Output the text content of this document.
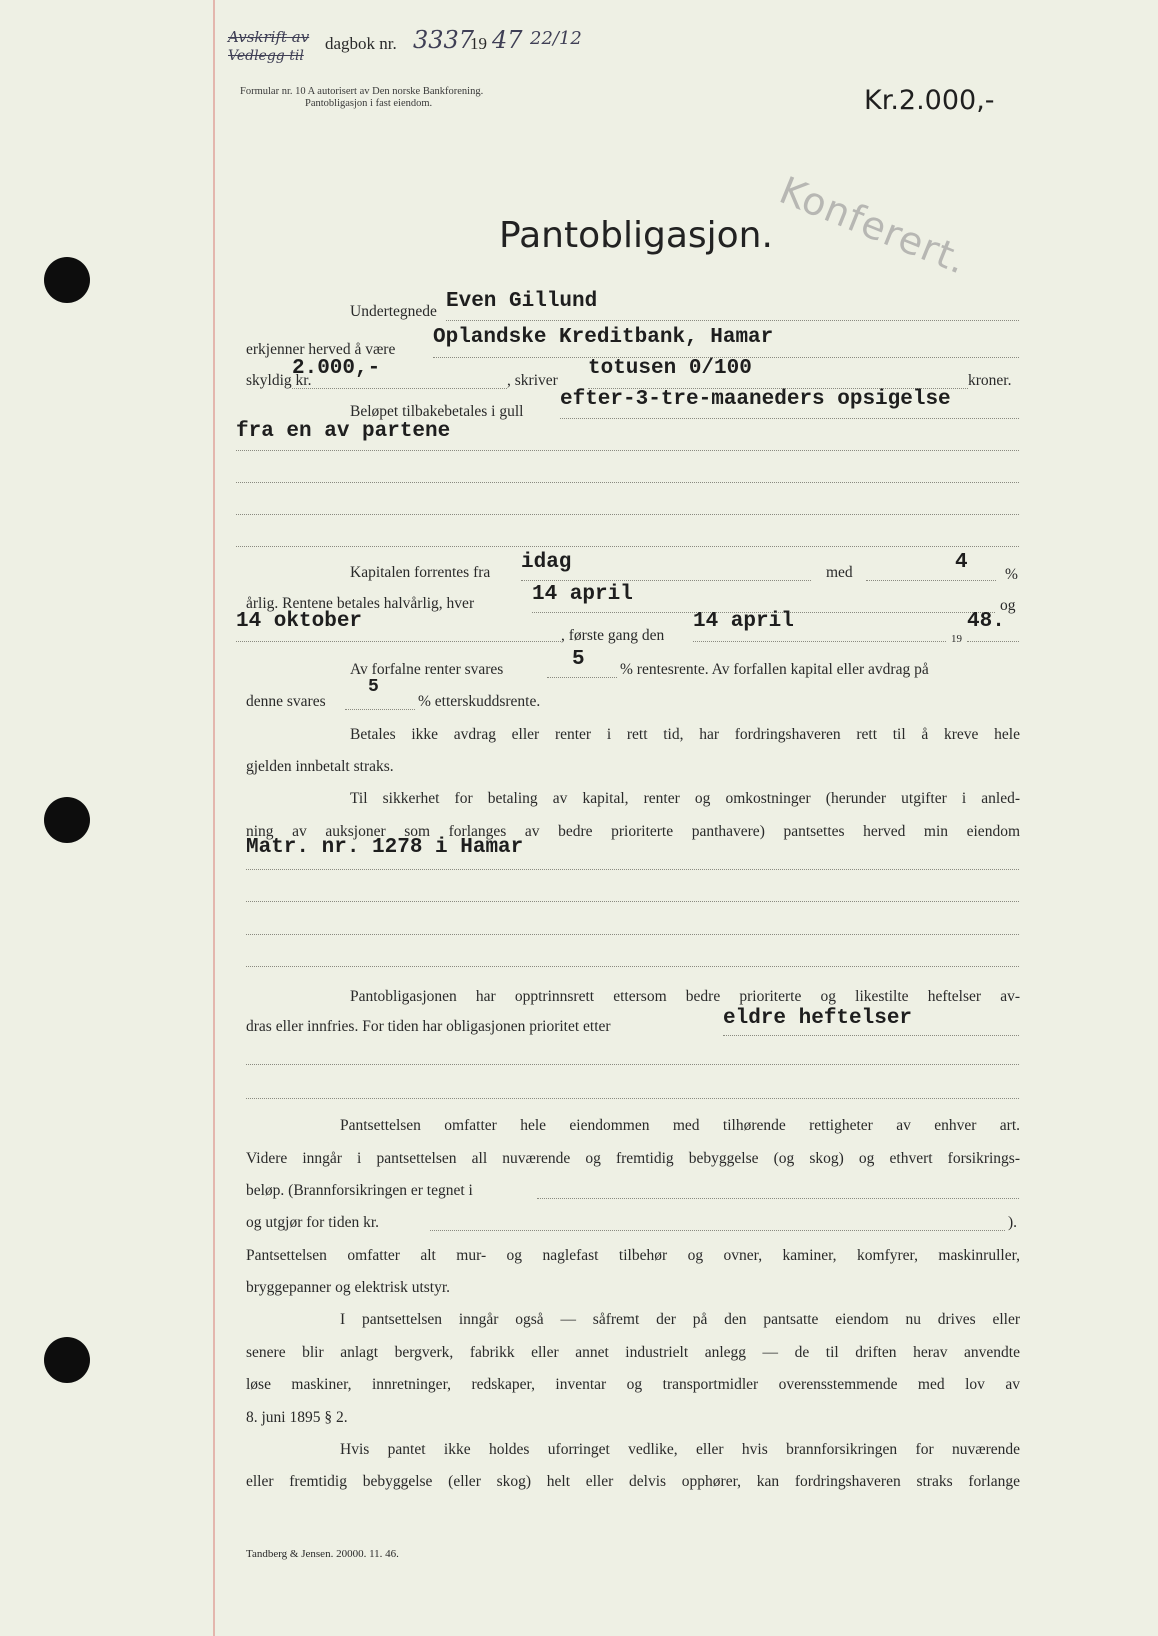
Avskrift av
Vedlegg til
dagbok nr. 3337
19 47 22/12
Formular nr. 10 A autorisert av Den norske Bankforening.
Pantobligasjon i fast eiendom.	Kr.2.000,-
Konferert.
Pantobligasjon.
Undertegnede Even Gillund
erkjenner herved å være
Oplandske Kreditbank, Hamar
skyldig kr.
2.000,-
, skriver
totusen 0/100
kroner.
Beløpet tilbakebetales i gull
efter-3-tre-maaneders opsigelse
fra en av partene
Kapitalen forrentes fra idag	med	4
%
årlig. Rentene betales halvårlig, hver	14 april	og
14 oktober
, første gang den
14 april
19
48.
Av forfalne renter svares	5 % rentesrente. Av forfallen kapital eller avdrag på
denne svares
5
% etterskuddsrente.
Betales ikke avdrag eller renter i rett tid, har fordringshaveren rett til å kreve hele
gjelden innbetalt straks.
Til sikkerhet for betaling av kapital, renter og omkostninger (herunder utgifter i anled-
ning av auksjoner som forlanges av bedre prioriterte panthavere) pantsettes herved min eiendom
Matr. nr. 1278 i Hamar
Pantobligasjonen har opptrinnsrett ettersom bedre prioriterte og likestilte heftelser av-
dras eller innfries. For tiden har obligasjonen prioritet etter	eldre heftelser
Pantsettelsen omfatter hele eiendommen med tilhørende rettigheter av enhver art.
Videre inngår i pantsettelsen all nuværende og fremtidig bebyggelse (og skog) og ethvert forsikrings-
beløp. (Brannforsikringen er tegnet i
og utgjør for tiden kr.	).
Pantsettelsen omfatter alt mur- og naglefast tilbehør og ovner, kaminer, komfyrer, maskinruller,
bryggepanner og elektrisk utstyr.
I pantsettelsen inngår også — såfremt der på den pantsatte eiendom nu drives eller
senere blir anlagt bergverk, fabrikk eller annet industrielt anlegg — de til driften herav anvendte
løse maskiner, innretninger, redskaper, inventar og transportmidler overensstemmende med lov av
8. juni 1895 § 2.
Hvis pantet ikke holdes uforringet vedlike, eller hvis brannforsikringen for nuværende
eller fremtidig bebyggelse (eller skog) helt eller delvis opphører, kan fordringshaveren straks forlange
Tandberg & Jensen. 20000. 11. 46.
